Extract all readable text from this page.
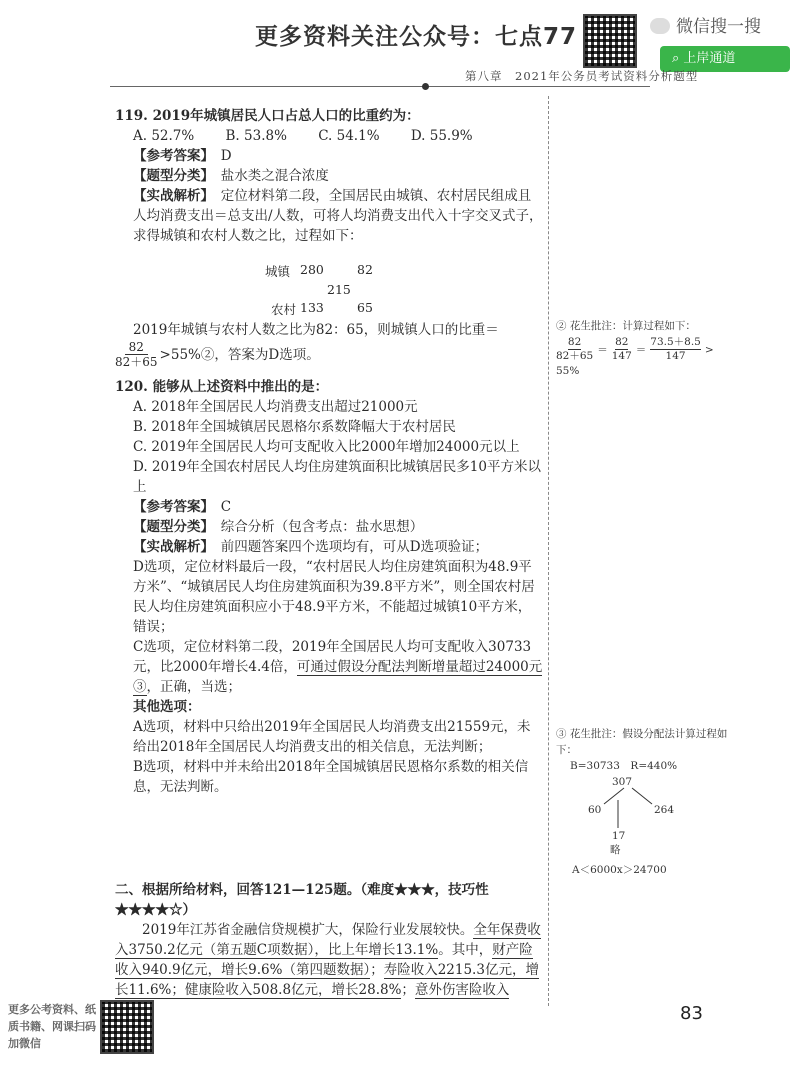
更多资料关注公众号：七点77	微信搜一搜
⌕ 上岸通道
第八章　2021年公务员考试资料分析题型

119. 2019年城镇居民人口占总人口的比重约为：

A. 52.7%   B. 53.8%   C. 54.1%   D. 55.9%

【参考答案】  D

【题型分类】  盐水类之混合浓度

【实战解析】  定位材料第二段，全国居民由城镇、农村居民组成且人均消费支出＝总支出/人数，可将人均消费支出代入十字交叉式子，求得城镇和农村人数之比，过程如下：

城镇 280	82
215
农村 133	65

2019年城镇与农村人数之比为82：65，则城镇人口的比重＝

$\frac{82}{82+65}$ >55%②，答案为D选项。

120. 能够从上述资料中推出的是：

A. 2018年全国居民人均消费支出超过21000元

B. 2018年全国城镇居民恩格尔系数降幅大于农村居民

C. 2019年全国居民人均可支配收入比2000年增加24000元以上

D. 2019年全国农村居民人均住房建筑面积比城镇居民多10平方米以上

【参考答案】  C

【题型分类】  综合分析（包含考点：盐水思想）

【实战解析】  前四题答案四个选项均有，可从D选项验证；

D选项，定位材料最后一段，“农村居民人均住房建筑面积为48.9平方米”、“城镇居民人均住房建筑面积为39.8平方米”，则全国农村居民人均住房建筑面积应小于48.9平方米，不能超过城镇10平方米，错误；

C选项，定位材料第二段，2019年全国居民人均可支配收入30733元，比2000年增长4.4倍，可通过假设分配法判断增量超过24000元③，正确，当选；

其他选项：

A选项，材料中只给出2019年全国居民人均消费支出21559元，未给出2018年全国居民人均消费支出的相关信息，无法判断；

B选项，材料中并未给出2018年全国城镇居民恩格尔系数的相关信息，无法判断。

二、根据所给材料，回答121—125题。（难度★★★，技巧性★★★★☆）

2019年江苏省金融信贷规模扩大，保险行业发展较快。全年保费收入3750.2亿元（第五题C项数据），比上年增长13.1%。其中，财产险收入940.9亿元，增长9.6%（第四题数据）；寿险收入2215.3亿元，增长11.6%；健康险收入508.8亿元，增长28.8%；意外伤害险收入

② 花生批注：计算过程如下：
$\frac{82}{82+65} = \frac{82}{147} = \frac{73.5+8.5}{147}$ >
55%
③ 花生批注：假设分配法计算过程如下：
B=30733　R=440%
307
60	264
17
略
A＜6000x＞24700
更多公考资料、纸质书籍、网课扫码加微信
83
